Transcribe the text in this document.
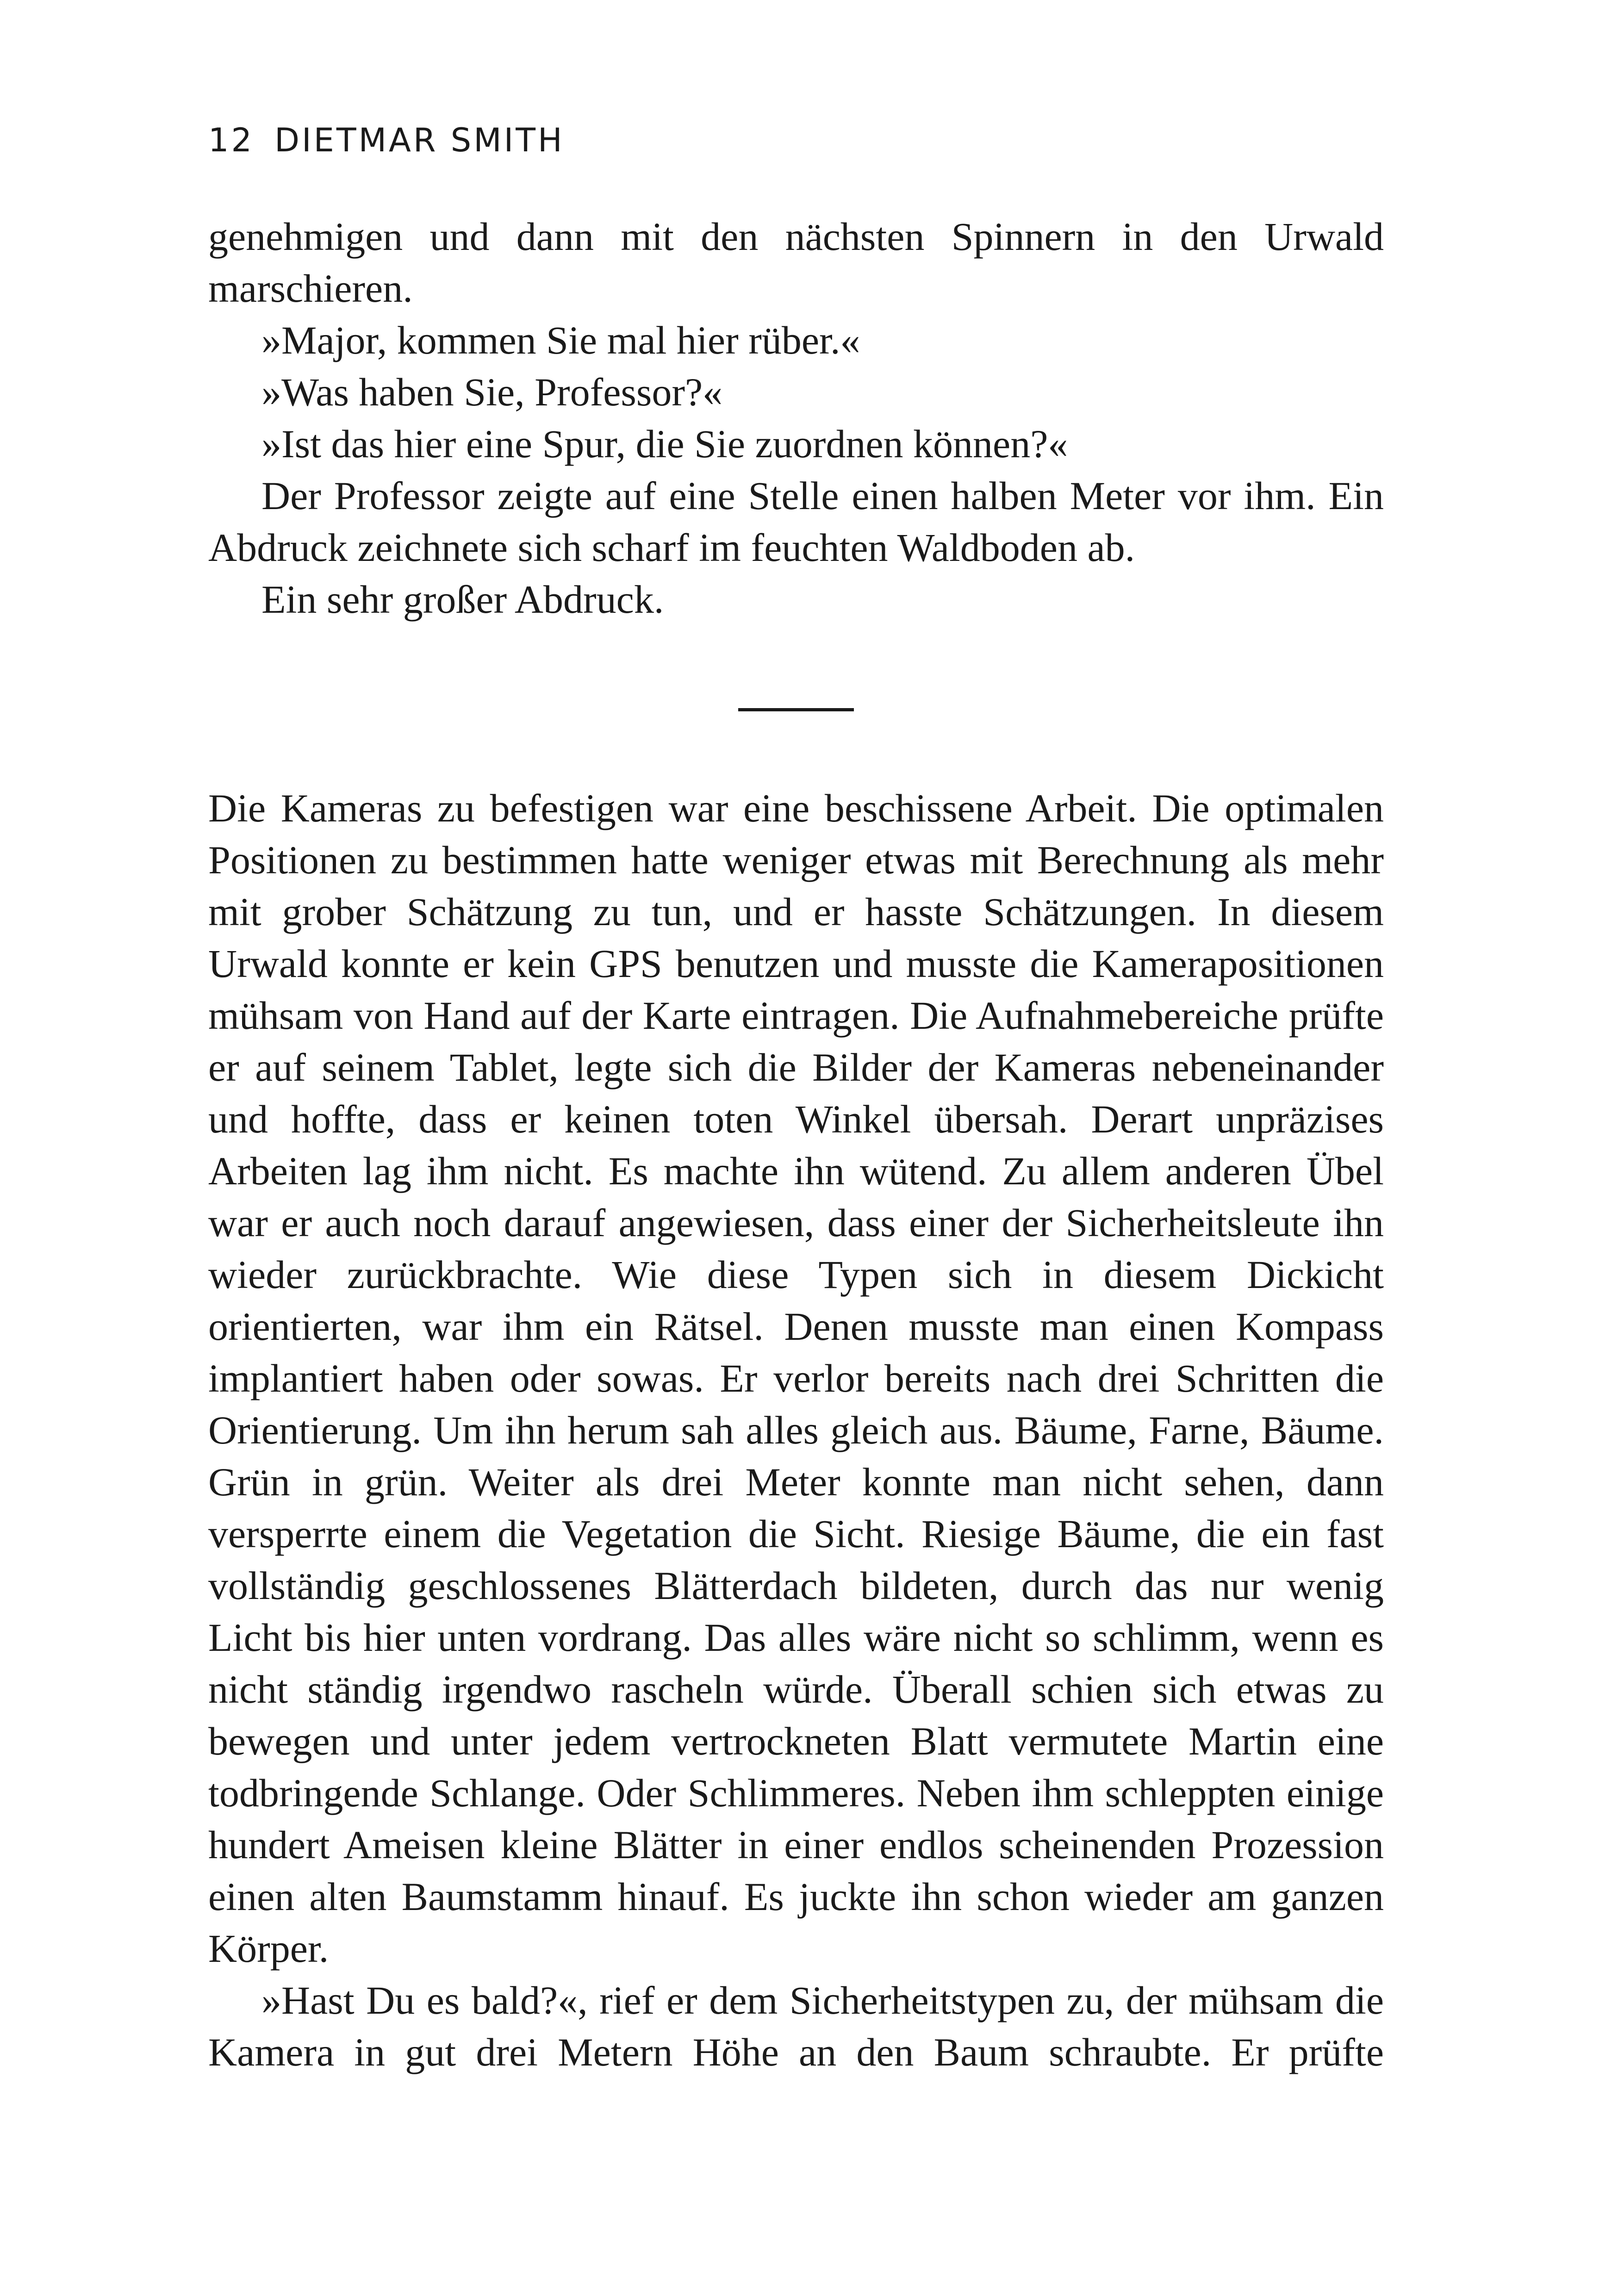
12 DIETMAR SMITH

genehmigen und dann mit den nächsten Spinnern in den Urwald marschieren.

»Major, kommen Sie mal hier rüber.«

»Was haben Sie, Professor?«

»Ist das hier eine Spur, die Sie zuordnen können?«

Der Professor zeigte auf eine Stelle einen halben Meter vor ihm. Ein Abdruck zeichnete sich scharf im feuchten Waldboden ab.

Ein sehr großer Abdruck.

Die Kameras zu befestigen war eine beschissene Arbeit. Die optimalen Positionen zu bestimmen hatte weniger etwas mit Berechnung als mehr mit grober Schätzung zu tun, und er hasste Schätzungen. In diesem Urwald konnte er kein GPS benutzen und musste die Kamerapositionen mühsam von Hand auf der Karte eintragen. Die Aufnahmebereiche prüfte er auf seinem Tablet, legte sich die Bilder der Kameras nebeneinander und hoffte, dass er keinen toten Winkel übersah. Derart unpräzises Arbeiten lag ihm nicht. Es machte ihn wütend. Zu allem anderen Übel war er auch noch darauf angewiesen, dass einer der Sicherheitsleute ihn wieder zurückbrachte. Wie diese Typen sich in diesem Dickicht orientierten, war ihm ein Rätsel. Denen musste man einen Kompass implantiert haben oder sowas. Er verlor bereits nach drei Schritten die Orientierung. Um ihn herum sah alles gleich aus. Bäume, Farne, Bäume. Grün in grün. Weiter als drei Meter konnte man nicht sehen, dann versperrte einem die Vegetation die Sicht. Riesige Bäume, die ein fast vollständig geschlossenes Blätterdach bildeten, durch das nur wenig Licht bis hier unten vordrang. Das alles wäre nicht so schlimm, wenn es nicht ständig irgendwo rascheln würde. Überall schien sich etwas zu bewegen und unter jedem vertrockneten Blatt vermutete Martin eine todbringende Schlange. Oder Schlimmeres. Neben ihm schleppten einige hundert Ameisen kleine Blätter in einer endlos scheinenden Prozession einen alten Baumstamm hinauf. Es juckte ihn schon wieder am ganzen Körper.

»Hast Du es bald?«, rief er dem Sicherheitstypen zu, der mühsam die Kamera in gut drei Metern Höhe an den Baum schraubte. Er prüfte
